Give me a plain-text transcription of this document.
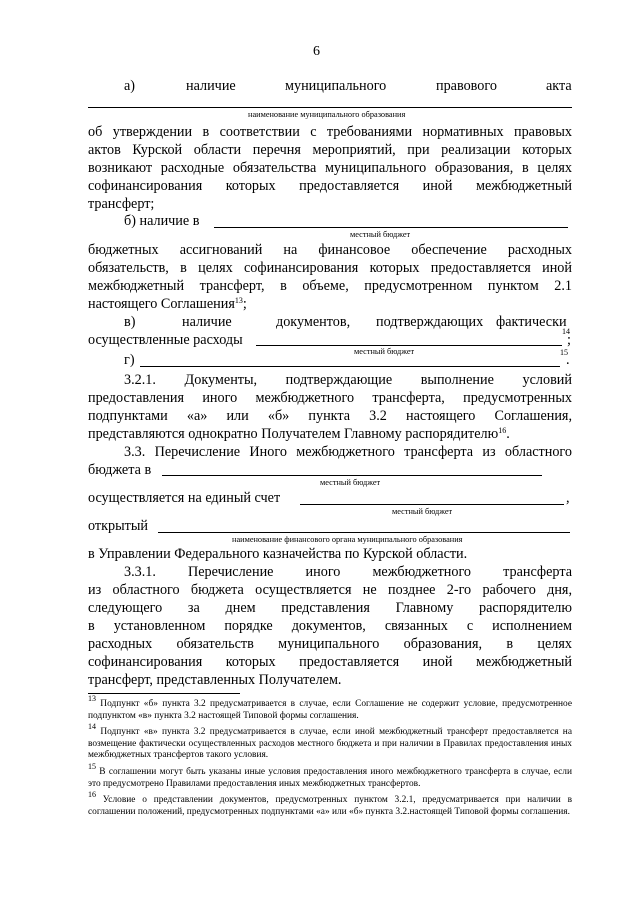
6
а)	наличие	муниципального	правового	акта
наименование муниципального образования
об утверждении в соответствии с требованиями нормативных правовых
актов Курской области перечня мероприятий, при реализации которых
возникают расходные обязательства муниципального образования, в целях
софинансирования которых предоставляется иной межбюджетный
трансферт;
б) наличие в
местный бюджет
бюджетных ассигнований на финансовое обеспечение расходных
обязательств, в целях софинансирования которых предоставляется иной
межбюджетный трансферт, в объеме, предусмотренном пунктом 2.1
настоящего Соглашения$^{13}$;
в)	наличие	документов, подтверждающих фактически
осуществленные расходы
14
;
местный бюджет
г)	15
.
3.2.1. Документы, подтверждающие выполнение условий
предоставления иного межбюджетного трансферта, предусмотренных
подпунктами «а» или «б» пункта 3.2 настоящего Соглашения,
представляются однократно Получателем Главному распорядителю$^{16}$.
3.3. Перечисление Иного межбюджетного трансферта из областного
бюджета в
местный бюджет
осуществляется на единый счет	,
местный бюджет
открытый
наименование финансового органа муниципального образования
в Управлении Федерального казначейства по Курской области.
3.3.1. Перечисление иного межбюджетного трансферта
из областного бюджета осуществляется не позднее 2-го рабочего дня,
следующего за днем представления Главному распорядителю
в установленном порядке документов, связанных с исполнением
расходных обязательств муниципального образования, в целях
софинансирования которых предоставляется иной межбюджетный
трансферт, представленных Получателем.
$^{13}$ Подпункт «б» пункта 3.2 предусматривается в случае, если Соглашение не содержит условие, предусмотренное подпунктом «в» пункта 3.2 настоящей Типовой формы соглашения.
$^{14}$ Подпункт «в» пункта 3.2 предусматривается в случае, если иной межбюджетный трансферт предоставляется на возмещение фактически осуществленных расходов местного бюджета и при наличии в Правилах предоставления иных межбюджетных трансфертов такого условия.
$^{15}$ В соглашении могут быть указаны иные условия предоставления иного межбюджетного трансферта в случае, если это предусмотрено Правилами предоставления иных межбюджетных трансфертов.
$^{16}$ Условие о представлении документов, предусмотренных пунктом 3.2.1, предусматривается при наличии в соглашении положений, предусмотренных подпунктами «а» или «б» пункта 3.2.настоящей Типовой формы соглашения.
